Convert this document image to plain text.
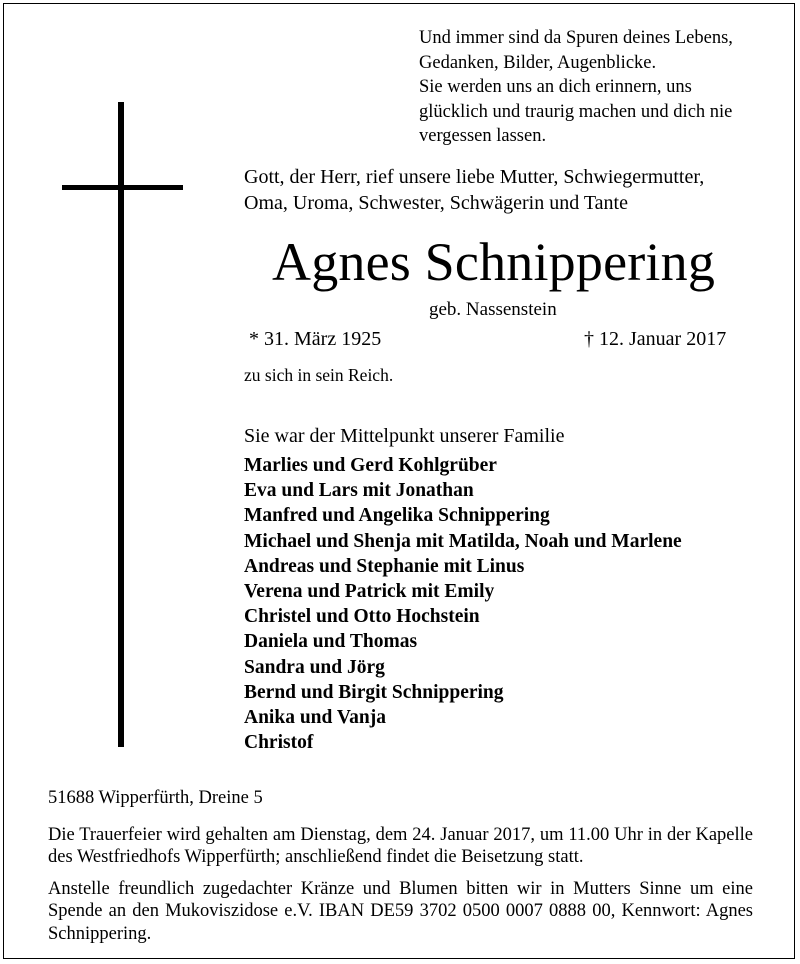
Und immer sind da Spuren deines Lebens,
Gedanken, Bilder, Augenblicke.
Sie werden uns an dich erinnern, uns
glücklich und traurig machen und dich nie
vergessen lassen.
Gott, der Herr, rief unsere liebe Mutter, Schwiegermutter,
Oma, Uroma, Schwester, Schwägerin und Tante
Agnes Schnippering
geb. Nassenstein
* 31. März 1925	† 12. Januar 2017
zu sich in sein Reich.
Sie war der Mittelpunkt unserer Familie
Marlies und Gerd Kohlgrüber
Eva und Lars mit Jonathan
Manfred und Angelika Schnippering
Michael und Shenja mit Matilda, Noah und Marlene
Andreas und Stephanie mit Linus
Verena und Patrick mit Emily
Christel und Otto Hochstein
Daniela und Thomas
Sandra und Jörg
Bernd und Birgit Schnippering
Anika und Vanja
Christof
51688 Wipperfürth, Dreine 5
Die Trauerfeier wird gehalten am Dienstag, dem 24. Januar 2017, um 11.00 Uhr in der Kapelle des Westfriedhofs Wipperfürth; anschließend findet die Beisetzung statt.
Anstelle freundlich zugedachter Kränze und Blumen bitten wir in Mutters Sinne um eine Spende an den Mukoviszidose e.V. IBAN DE59 3702 0500 0007 0888 00, Kennwort: Agnes Schnippering.
